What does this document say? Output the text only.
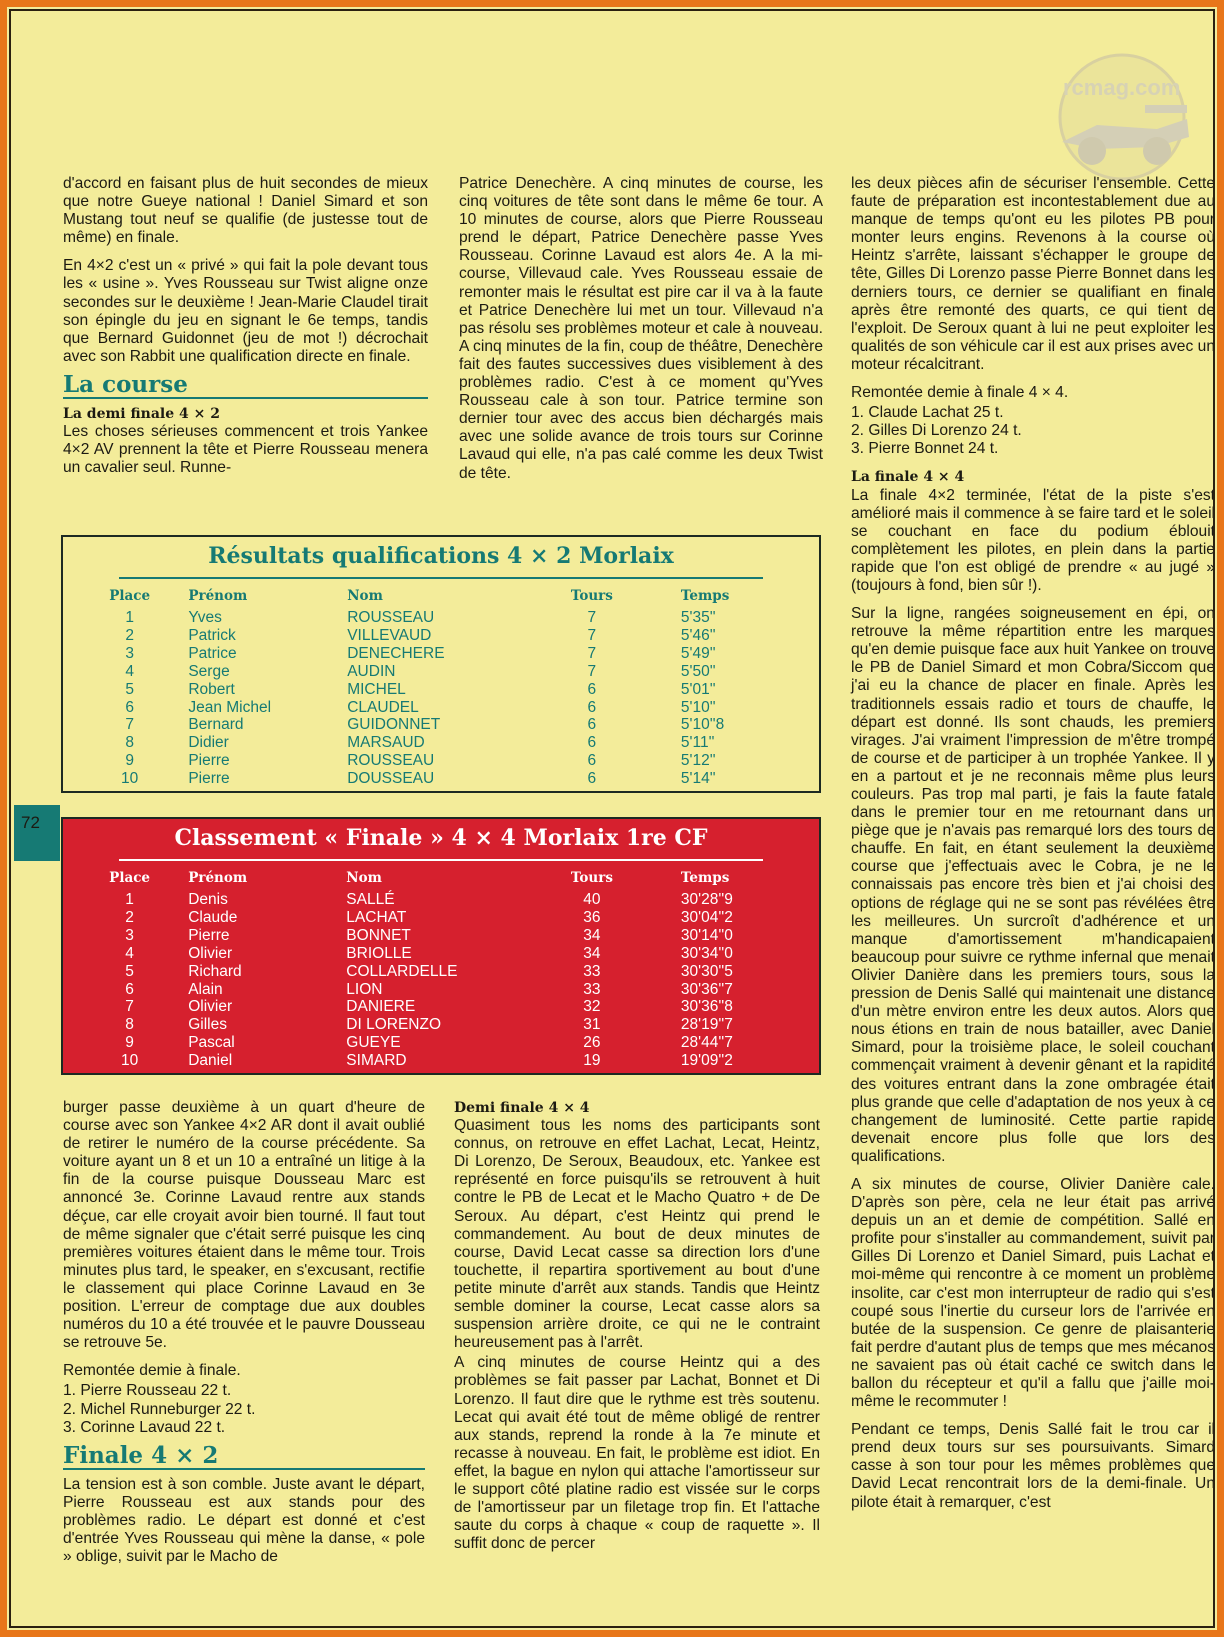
rcmag.com
72

d'accord en faisant plus de huit secondes de mieux que notre Gueye national ! Daniel Simard et son Mustang tout neuf se qualifie (de justesse tout de même) en finale.

En 4×2 c'est un « privé » qui fait la pole devant tous les « usine ». Yves Rousseau sur Twist aligne onze secondes sur le deuxième ! Jean-Marie Claudel tirait son épingle du jeu en signant le 6e temps, tandis que Bernard Guidonnet (jeu de mot !) décrochait avec son Rabbit une qualification directe en finale.

La course
La demi finale 4 × 2

Les choses sérieuses commencent et trois Yankee 4×2 AV prennent la tête et Pierre Rousseau menera un cavalier seul. Runne-

Patrice Denechère. A cinq minutes de course, les cinq voitures de tête sont dans le même 6e tour. A 10 minutes de course, alors que Pierre Rousseau prend le départ, Patrice Denechère passe Yves Rousseau. Corinne Lavaud est alors 4e. A la mi-course, Villevaud cale. Yves Rousseau essaie de remonter mais le résultat est pire car il va à la faute et Patrice Denechère lui met un tour. Villevaud n'a pas résolu ses problèmes moteur et cale à nouveau. A cinq minutes de la fin, coup de théâtre, Denechère fait des fautes successives dues visiblement à des problèmes radio. C'est à ce moment qu'Yves Rousseau cale à son tour. Patrice termine son dernier tour avec des accus bien déchargés mais avec une solide avance de trois tours sur Corinne Lavaud qui elle, n'a pas calé comme les deux Twist de tête.

les deux pièces afin de sécuriser l'ensemble. Cette faute de préparation est incontestablement due au manque de temps qu'ont eu les pilotes PB pour monter leurs engins. Revenons à la course où Heintz s'arrête, laissant s'échapper le groupe de tête, Gilles Di Lorenzo passe Pierre Bonnet dans les derniers tours, ce dernier se qualifiant en finale après être remonté des quarts, ce qui tient de l'exploit. De Seroux quant à lui ne peut exploiter les qualités de son véhicule car il est aux prises avec un moteur récalcitrant.

Remontée demie à finale 4 × 4.

1. Claude Lachat 25 t.
2. Gilles Di Lorenzo 24 t.
3. Pierre Bonnet 24 t.
La finale 4 × 4

La finale 4×2 terminée, l'état de la piste s'est amélioré mais il commence à se faire tard et le soleil se couchant en face du podium éblouit complètement les pilotes, en plein dans la partie rapide que l'on est obligé de prendre « au jugé » (toujours à fond, bien sûr !).

Sur la ligne, rangées soigneusement en épi, on retrouve la même répartition entre les marques qu'en demie puisque face aux huit Yankee on trouve le PB de Daniel Simard et mon Cobra/Siccom que j'ai eu la chance de placer en finale. Après les traditionnels essais radio et tours de chauffe, le départ est donné. Ils sont chauds, les premiers virages. J'ai vraiment l'impression de m'être trompé de course et de participer à un trophée Yankee. Il y en a partout et je ne reconnais même plus leurs couleurs. Pas trop mal parti, je fais la faute fatale dans le premier tour en me retournant dans un piège que je n'avais pas remarqué lors des tours de chauffe. En fait, en étant seulement la deuxième course que j'effectuais avec le Cobra, je ne le connaissais pas encore très bien et j'ai choisi des options de réglage qui ne se sont pas révélées être les meilleures. Un surcroît d'adhérence et un manque d'amortissement m'handicapaient beaucoup pour suivre ce rythme infernal que menait Olivier Danière dans les premiers tours, sous la pression de Denis Sallé qui maintenait une distance d'un mètre environ entre les deux autos. Alors que nous étions en train de nous batailler, avec Daniel Simard, pour la troisième place, le soleil couchant commençait vraiment à devenir gênant et la rapidité des voitures entrant dans la zone ombragée était plus grande que celle d'adaptation de nos yeux à ce changement de luminosité. Cette partie rapide devenait encore plus folle que lors des qualifications.

A six minutes de course, Olivier Danière cale. D'après son père, cela ne leur était pas arrivé depuis un an et demie de compétition. Sallé en profite pour s'installer au commandement, suivit par Gilles Di Lorenzo et Daniel Simard, puis Lachat et moi-même qui rencontre à ce moment un problème insolite, car c'est mon interrupteur de radio qui s'est coupé sous l'inertie du curseur lors de l'arrivée en butée de la suspension. Ce genre de plaisanterie fait perdre d'autant plus de temps que mes mécanos ne savaient pas où était caché ce switch dans le ballon du récepteur et qu'il a fallu que j'aille moi-même le recommuter !

Pendant ce temps, Denis Sallé fait le trou car il prend deux tours sur ses poursuivants. Simard casse à son tour pour les mêmes problèmes que David Lecat rencontrait lors de la demi-finale. Un pilote était à remarquer, c'est

Résultats qualifications 4 × 2 Morlaix
Place	Prénom	Nom	Tours	Temps
1	Yves	ROUSSEAU	7	5'35''
2	Patrick	VILLEVAUD	7	5'46''
3	Patrice	DENECHERE	7	5'49''
4	Serge	AUDIN	7	5'50''
5	Robert	MICHEL	6	5'01''
6	Jean Michel	CLAUDEL	6	5'10''
7	Bernard	GUIDONNET	6	5'10''8
8	Didier	MARSAUD	6	5'11''
9	Pierre	ROUSSEAU	6	5'12''
10	Pierre	DOUSSEAU	6	5'14''
Classement « Finale » 4 × 4 Morlaix 1re CF
Place	Prénom	Nom	Tours	Temps
1	Denis	SALLÉ	40	30'28''9
2	Claude	LACHAT	36	30'04''2
3	Pierre	BONNET	34	30'14''0
4	Olivier	BRIOLLE	34	30'34''0
5	Richard	COLLARDELLE	33	30'30''5
6	Alain	LION	33	30'36''7
7	Olivier	DANIERE	32	30'36''8
8	Gilles	DI LORENZO	31	28'19''7
9	Pascal	GUEYE	26	28'44''7
10	Daniel	SIMARD	19	19'09''2

burger passe deuxième à un quart d'heure de course avec son Yankee 4×2 AR dont il avait oublié de retirer le numéro de la course précédente. Sa voiture ayant un 8 et un 10 a entraîné un litige à la fin de la course puisque Dousseau Marc est annoncé 3e. Corinne Lavaud rentre aux stands déçue, car elle croyait avoir bien tourné. Il faut tout de même signaler que c'était serré puisque les cinq premières voitures étaient dans le même tour. Trois minutes plus tard, le speaker, en s'excusant, rectifie le classement qui place Corinne Lavaud en 3e position. L'erreur de comptage due aux doubles numéros du 10 a été trouvée et le pauvre Dousseau se retrouve 5e.

Remontée demie à finale.

1. Pierre Rousseau 22 t.
2. Michel Runneburger 22 t.
3. Corinne Lavaud 22 t.
Finale 4 × 2

La tension est à son comble. Juste avant le départ, Pierre Rousseau est aux stands pour des problèmes radio. Le départ est donné et c'est d'entrée Yves Rousseau qui mène la danse, « pole » oblige, suivit par le Macho de

Demi finale 4 × 4

Quasiment tous les noms des participants sont connus, on retrouve en effet Lachat, Lecat, Heintz, Di Lorenzo, De Seroux, Beaudoux, etc. Yankee est représenté en force puisqu'ils se retrouvent à huit contre le PB de Lecat et le Macho Quatro + de De Seroux. Au départ, c'est Heintz qui prend le commandement. Au bout de deux minutes de course, David Lecat casse sa direction lors d'une touchette, il repartira sportivement au bout d'une petite minute d'arrêt aux stands. Tandis que Heintz semble dominer la course, Lecat casse alors sa suspension arrière droite, ce qui ne le contraint heureusement pas à l'arrêt.

A cinq minutes de course Heintz qui a des problèmes se fait passer par Lachat, Bonnet et Di Lorenzo. Il faut dire que le rythme est très soutenu. Lecat qui avait été tout de même obligé de rentrer aux stands, reprend la ronde à la 7e minute et recasse à nouveau. En fait, le problème est idiot. En effet, la bague en nylon qui attache l'amortisseur sur le support côté platine radio est vissée sur le corps de l'amortisseur par un filetage trop fin. Et l'attache saute du corps à chaque « coup de raquette ». Il suffit donc de percer
